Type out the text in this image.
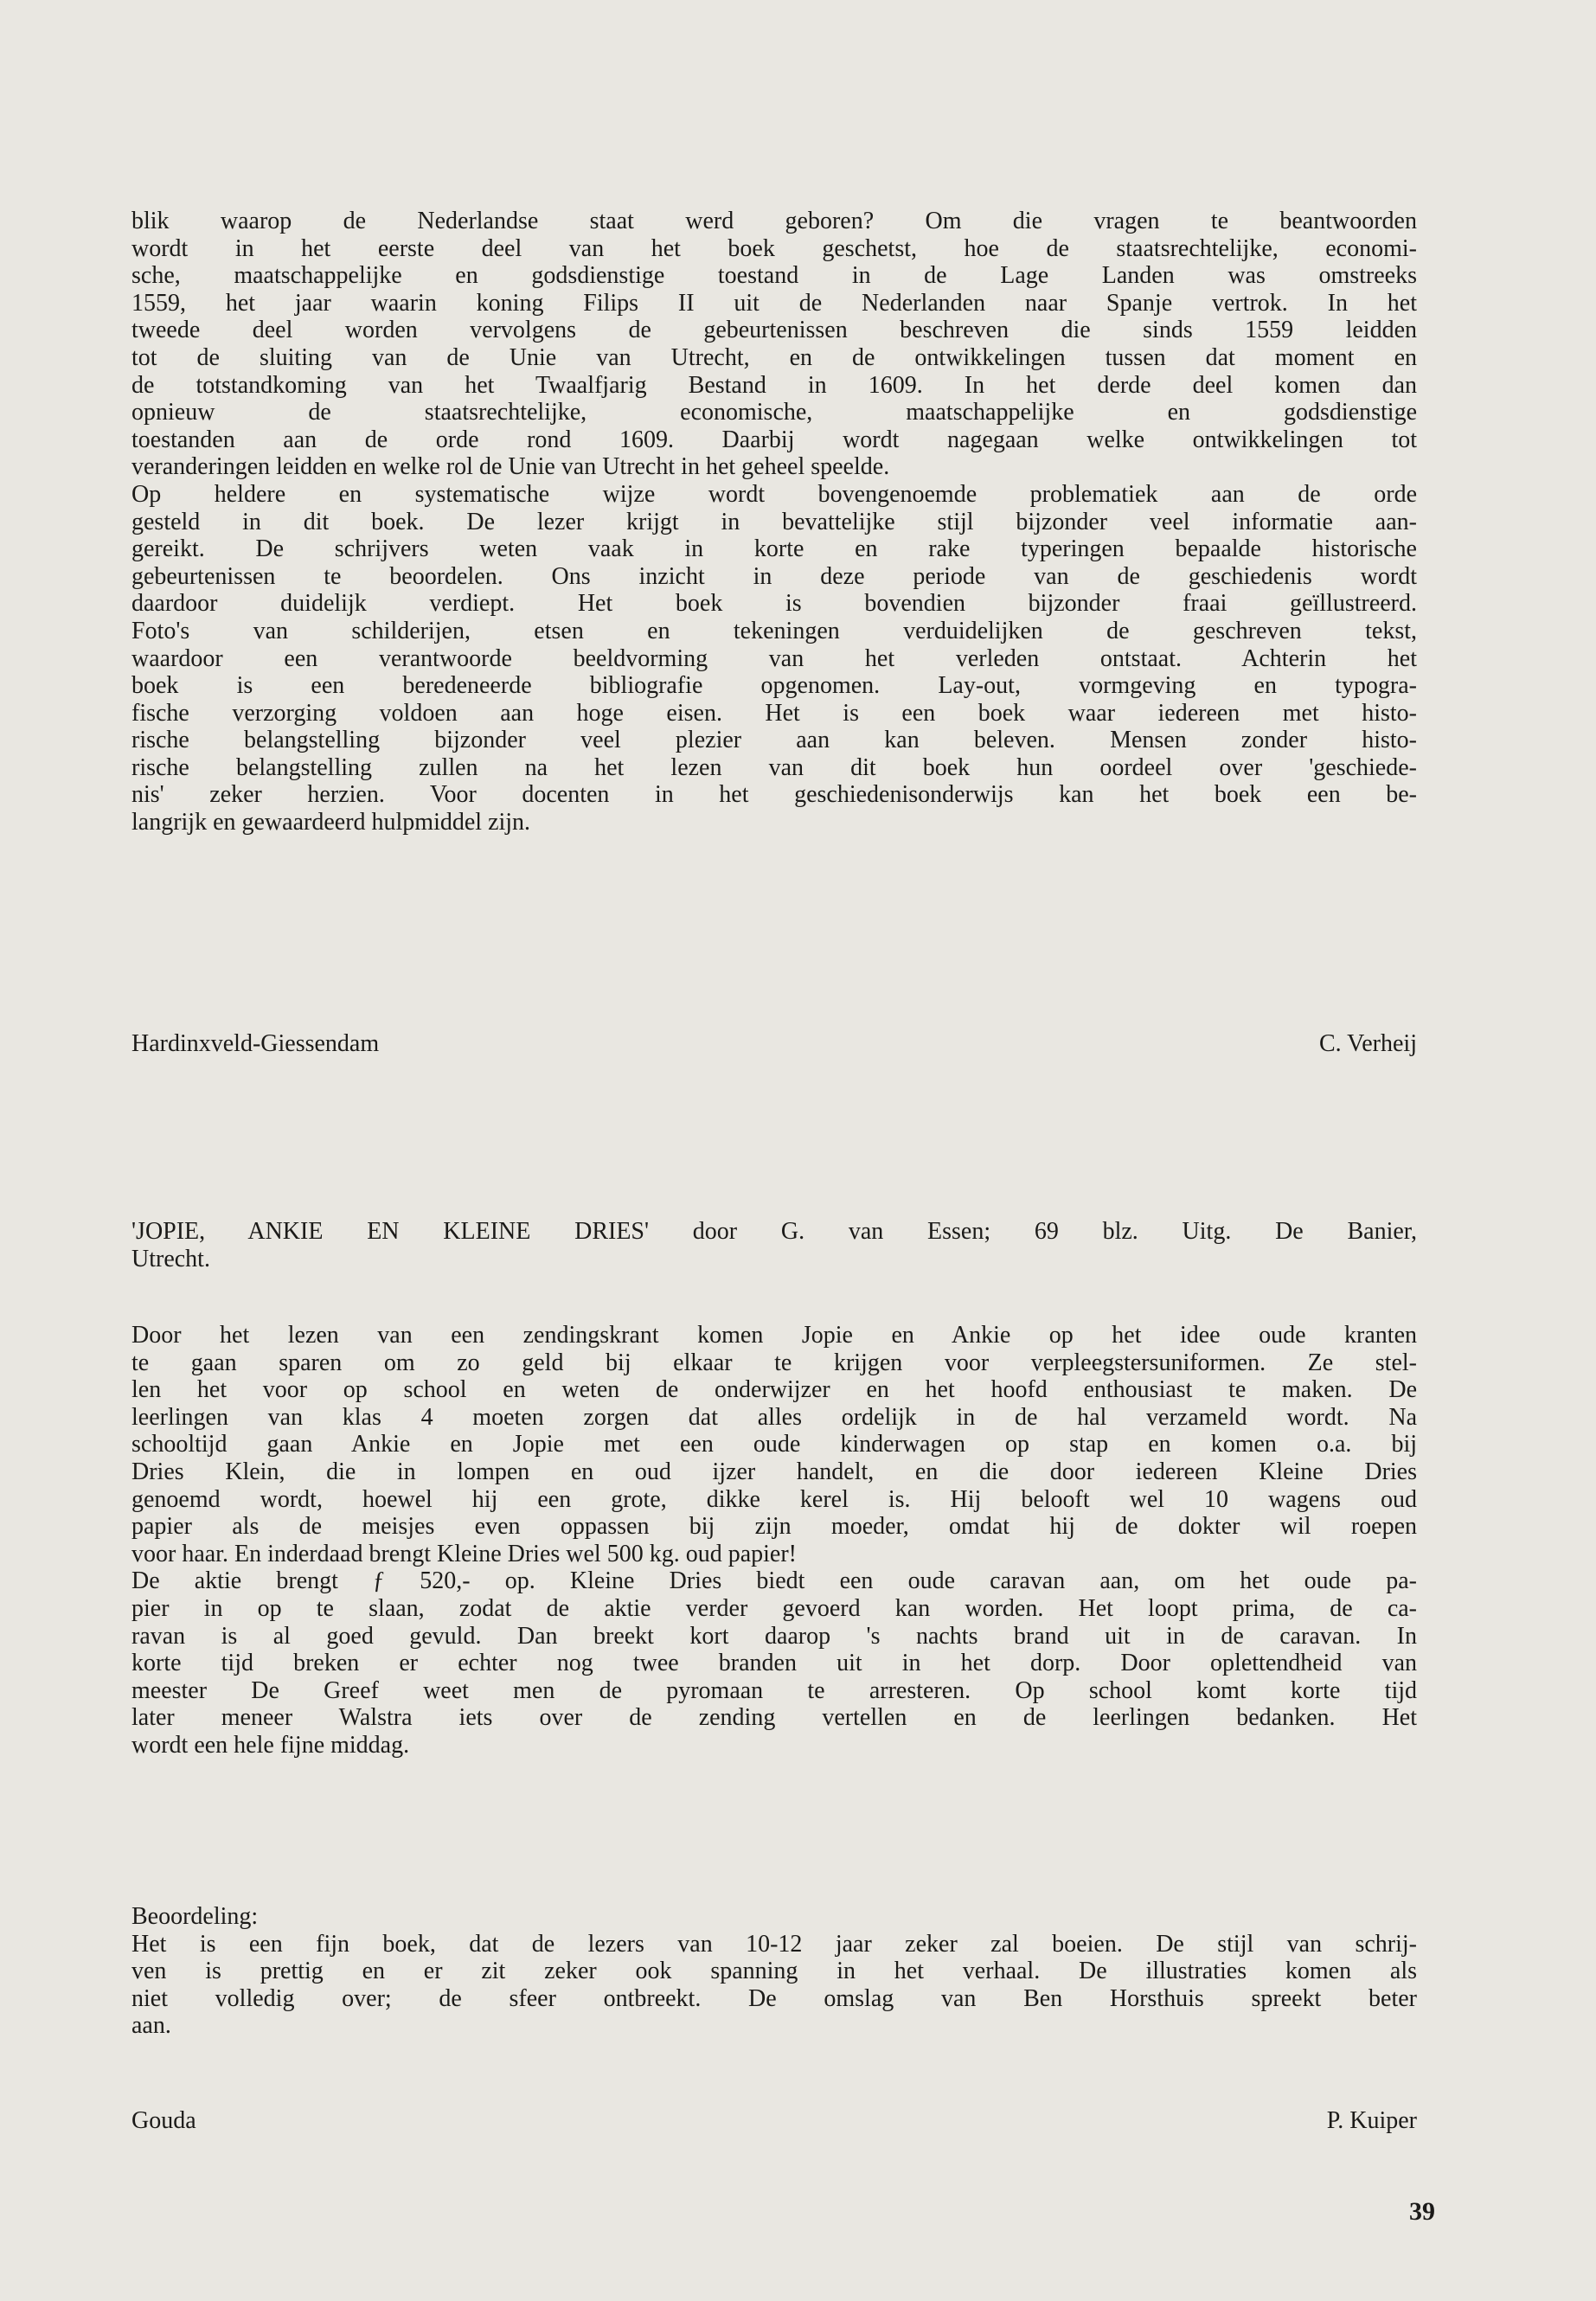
blik waarop de Nederlandse staat werd geboren? Om die vragen te beantwoorden
wordt in het eerste deel van het boek geschetst, hoe de staatsrechtelijke, economi-
sche, maatschappelijke en godsdienstige toestand in de Lage Landen was omstreeks
1559, het jaar waarin koning Filips II uit de Nederlanden naar Spanje vertrok. In het
tweede deel worden vervolgens de gebeurtenissen beschreven die sinds 1559 leidden
tot de sluiting van de Unie van Utrecht, en de ontwikkelingen tussen dat moment en
de totstandkoming van het Twaalfjarig Bestand in 1609. In het derde deel komen dan
opnieuw de staatsrechtelijke, economische, maatschappelijke en godsdienstige
toestanden aan de orde rond 1609. Daarbij wordt nagegaan welke ontwikkelingen tot
veranderingen leidden en welke rol de Unie van Utrecht in het geheel speelde.
Op heldere en systematische wijze wordt bovengenoemde problematiek aan de orde
gesteld in dit boek. De lezer krijgt in bevattelijke stijl bijzonder veel informatie aan-
gereikt. De schrijvers weten vaak in korte en rake typeringen bepaalde historische
gebeurtenissen te beoordelen. Ons inzicht in deze periode van de geschiedenis wordt
daardoor duidelijk verdiept. Het boek is bovendien bijzonder fraai geïllustreerd.
Foto's van schilderijen, etsen en tekeningen verduidelijken de geschreven tekst,
waardoor een verantwoorde beeldvorming van het verleden ontstaat. Achterin het
boek is een beredeneerde bibliografie opgenomen. Lay-out, vormgeving en typogra-
fische verzorging voldoen aan hoge eisen. Het is een boek waar iedereen met histo-
rische belangstelling bijzonder veel plezier aan kan beleven. Mensen zonder histo-
rische belangstelling zullen na het lezen van dit boek hun oordeel over 'geschiede-
nis' zeker herzien. Voor docenten in het geschiedenisonderwijs kan het boek een be-
langrijk en gewaardeerd hulpmiddel zijn.
Hardinxveld-Giessendam	C. Verheij
'JOPIE, ANKIE EN KLEINE DRIES' door G. van Essen; 69 blz. Uitg. De Banier,
Utrecht.
Door het lezen van een zendingskrant komen Jopie en Ankie op het idee oude kranten
te gaan sparen om zo geld bij elkaar te krijgen voor verpleegstersuniformen. Ze stel-
len het voor op school en weten de onderwijzer en het hoofd enthousiast te maken. De
leerlingen van klas 4 moeten zorgen dat alles ordelijk in de hal verzameld wordt. Na
schooltijd gaan Ankie en Jopie met een oude kinderwagen op stap en komen o.a. bij
Dries Klein, die in lompen en oud ijzer handelt, en die door iedereen Kleine Dries
genoemd wordt, hoewel hij een grote, dikke kerel is. Hij belooft wel 10 wagens oud
papier als de meisjes even oppassen bij zijn moeder, omdat hij de dokter wil roepen
voor haar. En inderdaad brengt Kleine Dries wel 500 kg. oud papier!
De aktie brengt ƒ 520,- op. Kleine Dries biedt een oude caravan aan, om het oude pa-
pier in op te slaan, zodat de aktie verder gevoerd kan worden. Het loopt prima, de ca-
ravan is al goed gevuld. Dan breekt kort daarop 's nachts brand uit in de caravan. In
korte tijd breken er echter nog twee branden uit in het dorp. Door oplettendheid van
meester De Greef weet men de pyromaan te arresteren. Op school komt korte tijd
later meneer Walstra iets over de zending vertellen en de leerlingen bedanken. Het
wordt een hele fijne middag.
Beoordeling:
Het is een fijn boek, dat de lezers van 10-12 jaar zeker zal boeien. De stijl van schrij-
ven is prettig en er zit zeker ook spanning in het verhaal. De illustraties komen als
niet volledig over; de sfeer ontbreekt. De omslag van Ben Horsthuis spreekt beter
aan.
Gouda	P. Kuiper
39
